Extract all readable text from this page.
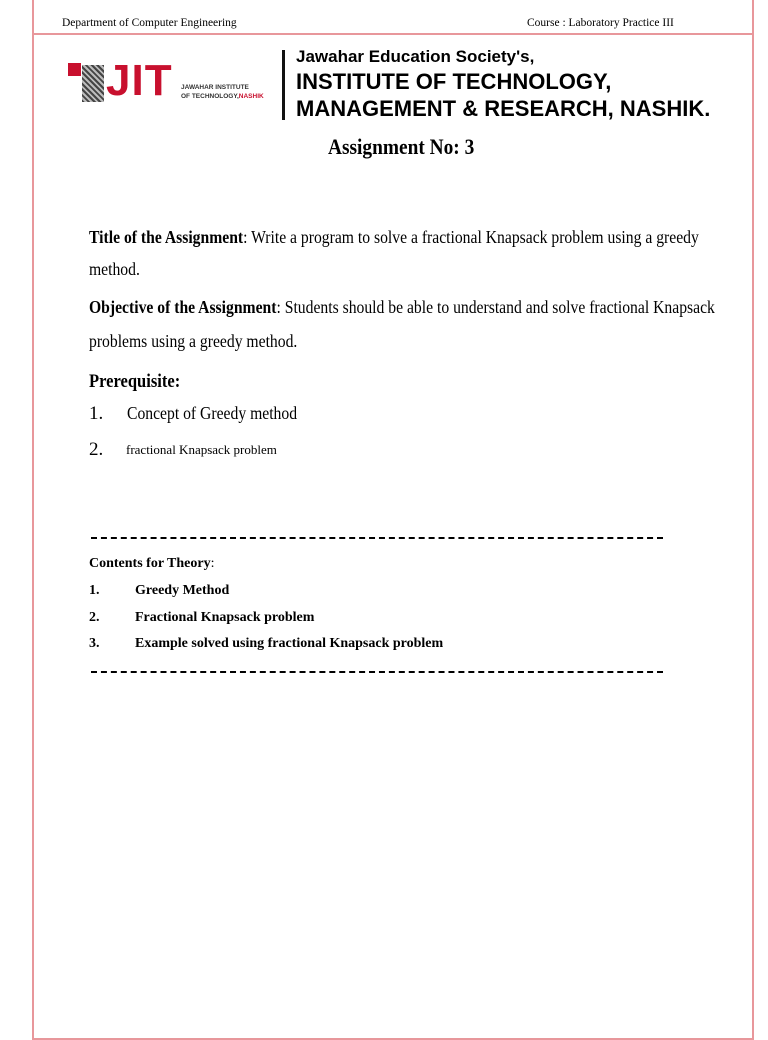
Department of Computer Engineering	Course : Laboratory Practice III
JIT JAWAHAR INSTITUTE
OF TECHNOLOGY,NASHIK
Jawahar Education Society's,
INSTITUTE OF TECHNOLOGY,
MANAGEMENT & RESEARCH, NASHIK.
Assignment No: 3
Title of the Assignment: Write a program to solve a fractional Knapsack problem using a greedy
method.
Objective of the Assignment: Students should be able to understand and solve fractional Knapsack
problems using a greedy method.
Prerequisite:
1. Concept of Greedy method
2. fractional Knapsack problem
Contents for Theory:
1.	Greedy Method
2.	Fractional Knapsack problem
3.	Example solved using fractional Knapsack problem
